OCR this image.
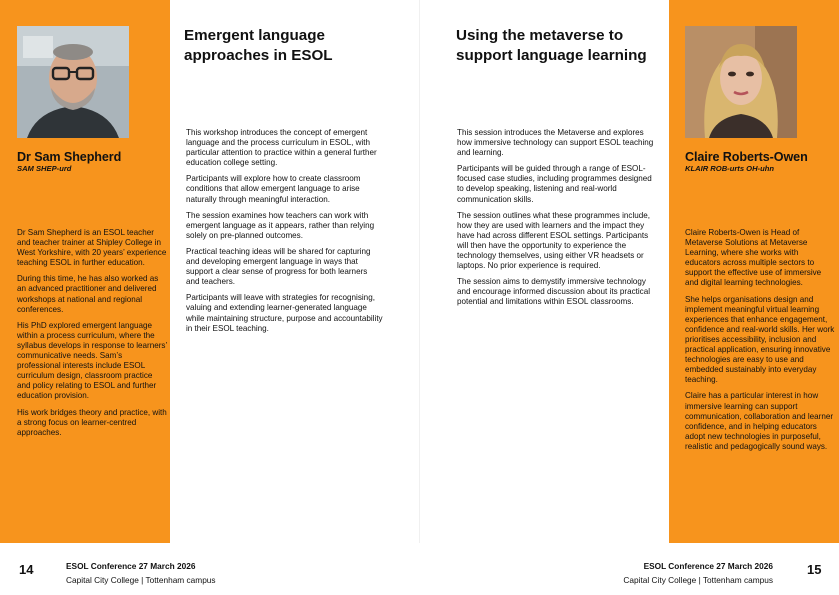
Dr Sam Shepherd
SAM SHEP-urd

Dr Sam Shepherd is an ESOL teacher and teacher trainer at Shipley College in West Yorkshire, with 20 years’ experience teaching ESOL in further education.

During this time, he has also worked as an advanced practitioner and delivered workshops at national and regional conferences.

His PhD explored emergent language within a process curriculum, where the syllabus develops in response to learners’ communicative needs. Sam’s professional interests include ESOL curriculum design, classroom practice and policy relating to ESOL and further education provision.

His work bridges theory and practice, with a strong focus on learner-centred approaches.

Emergent language approaches in ESOL

This workshop introduces the concept of emergent language and the process curriculum in ESOL, with particular attention to practice within a general further education college setting.

Participants will explore how to create classroom conditions that allow emergent language to arise naturally through meaningful interaction.

The session examines how teachers can work with emergent language as it appears, rather than relying solely on pre-planned outcomes.

Practical teaching ideas will be shared for capturing and developing emergent language in ways that support a clear sense of progress for both learners and teachers.

Participants will leave with strategies for recognising, valuing and extending learner-generated language while maintaining structure, purpose and accountability in their ESOL teaching.

Using the metaverse to support language learning

This session introduces the Metaverse and explores how immersive technology can support ESOL teaching and learning.

Participants will be guided through a range of ESOL-focused case studies, including programmes designed to develop speaking, listening and real-world communication skills.

The session outlines what these programmes include, how they are used with learners and the impact they have had across different ESOL settings. Participants will then have the opportunity to experience the technology themselves, using either VR headsets or laptops. No prior experience is required.

The session aims to demystify immersive technology and encourage informed discussion about its practical potential and limitations within ESOL classrooms.

Claire Roberts-Owen
KLAIR ROB-urts OH-uhn

Claire Roberts-Owen is Head of Metaverse Solutions at Metaverse Learning, where she works with educators across multiple sectors to support the effective use of immersive and digital learning technologies.

She helps organisations design and implement meaningful virtual learning experiences that enhance engagement, confidence and real-world skills. Her work prioritises accessibility, inclusion and practical application, ensuring innovative technologies are easy to use and embedded sustainably into everyday teaching.

Claire has a particular interest in how immersive learning can support communication, collaboration and learner confidence, and in helping educators adopt new technologies in purposeful, realistic and pedagogically sound ways.

14	ESOL Conference 27 March 2026
Capital City College | Tottenham campus
ESOL Conference 27 March 2026
Capital City College | Tottenham campus
15
